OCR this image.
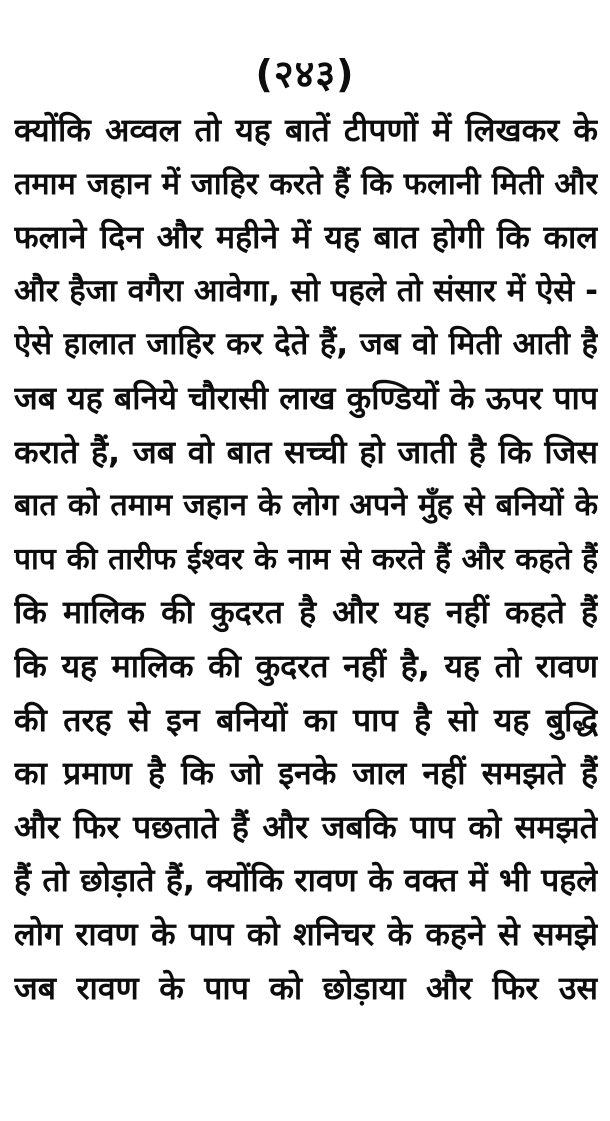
(२४३)
क्योंकि अव्वल तो यह बातें टीपणों में लिखकर के
तमाम जहान में जाहिर करते हैं कि फलानी मिती और
फलाने दिन और महीने में यह बात होगी कि काल
और हैजा वगैरा आवेगा, सो पहले तो संसार में ऐसे -
ऐसे हालात जाहिर कर देते हैं, जब वो मिती आती है
जब यह बनिये चौरासी लाख कुण्डियों के ऊपर पाप
कराते हैं, जब वो बात सच्ची हो जाती है कि जिस
बात को तमाम जहान के लोग अपने मुँह से बनियों के
पाप की तारीफ ईश्वर के नाम से करते हैं और कहते हैं
कि मालिक की कुदरत है और यह नहीं कहते हैं
कि यह मालिक की कुदरत नहीं है, यह तो रावण
की तरह से इन बनियों का पाप है सो यह बुद्धि
का प्रमाण है कि जो इनके जाल नहीं समझते हैं
और फिर पछताते हैं और जबकि पाप को समझते
हैं तो छोड़ाते हैं, क्योंकि रावण के वक्त में भी पहले
लोग रावण के पाप को शनिचर के कहने से समझे
जब रावण के पाप को छोड़ाया और फिर उस
